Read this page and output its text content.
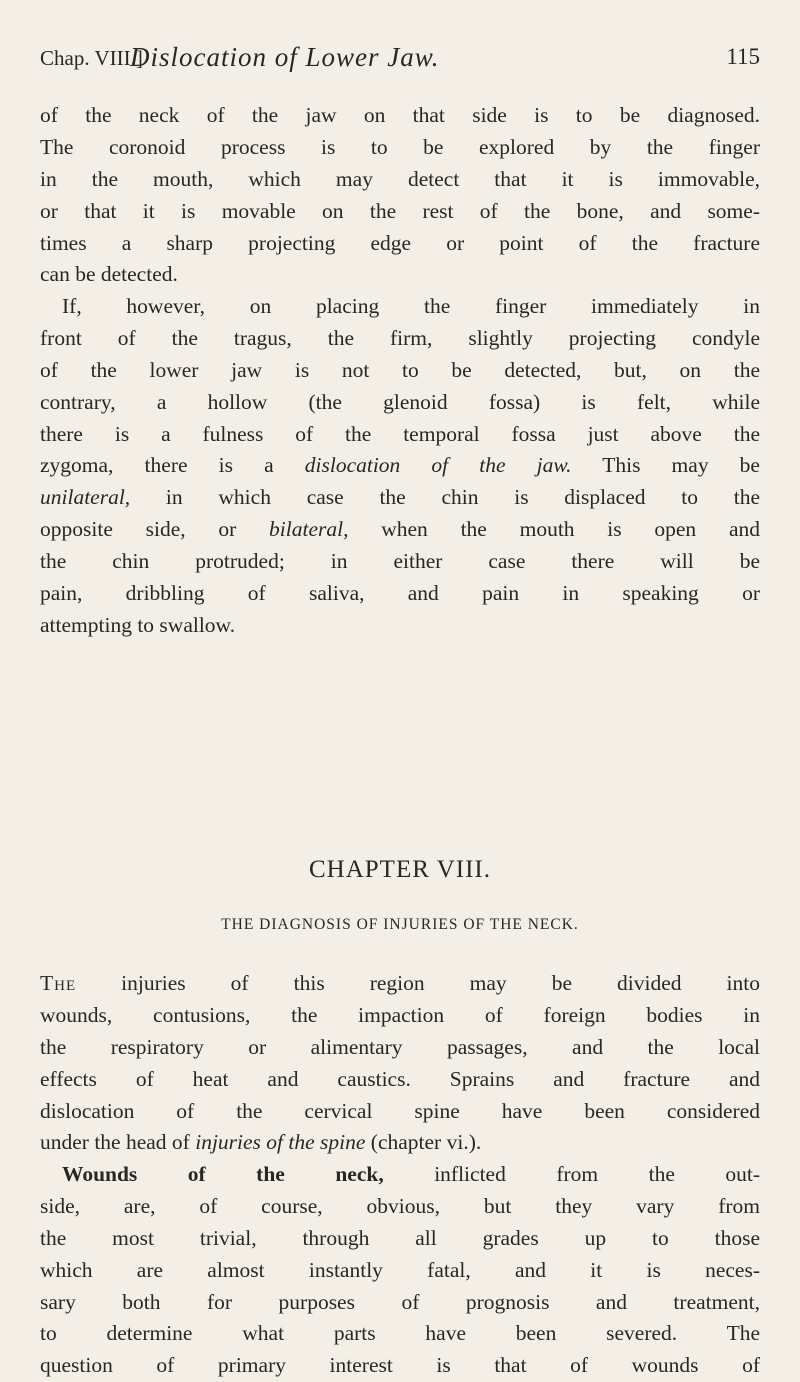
Chap. VIII.]
Dislocation of Lower Jaw.	115
of the neck of the jaw on that side is to be diagnosed.
The coronoid process is to be explored by the finger
in the mouth, which may detect that it is immovable,
or that it is movable on the rest of the bone, and some-
times a sharp projecting edge or point of the fracture
can be detected.
If, however, on placing the finger immediately in
front of the tragus, the firm, slightly projecting condyle
of the lower jaw is not to be detected, but, on the
contrary, a hollow (the glenoid fossa) is felt, while
there is a fulness of the temporal fossa just above the
zygoma, there is a dislocation of the jaw. This may be
unilateral, in which case the chin is displaced to the
opposite side, or bilateral, when the mouth is open and
the chin protruded; in either case there will be
pain, dribbling of saliva, and pain in speaking or
attempting to swallow.
CHAPTER VIII.
THE DIAGNOSIS OF INJURIES OF THE NECK.
The injuries of this region may be divided into
wounds, contusions, the impaction of foreign bodies in
the respiratory or alimentary passages, and the local
effects of heat and caustics. Sprains and fracture and
dislocation of the cervical spine have been considered
under the head of injuries of the spine (chapter vi.).
Wounds of the neck, inflicted from the out-
side, are, of course, obvious, but they vary from
the most trivial, through all grades up to those
which are almost instantly fatal, and it is neces-
sary both for purposes of prognosis and treatment,
to determine what parts have been severed. The
question of primary interest is that of wounds of
